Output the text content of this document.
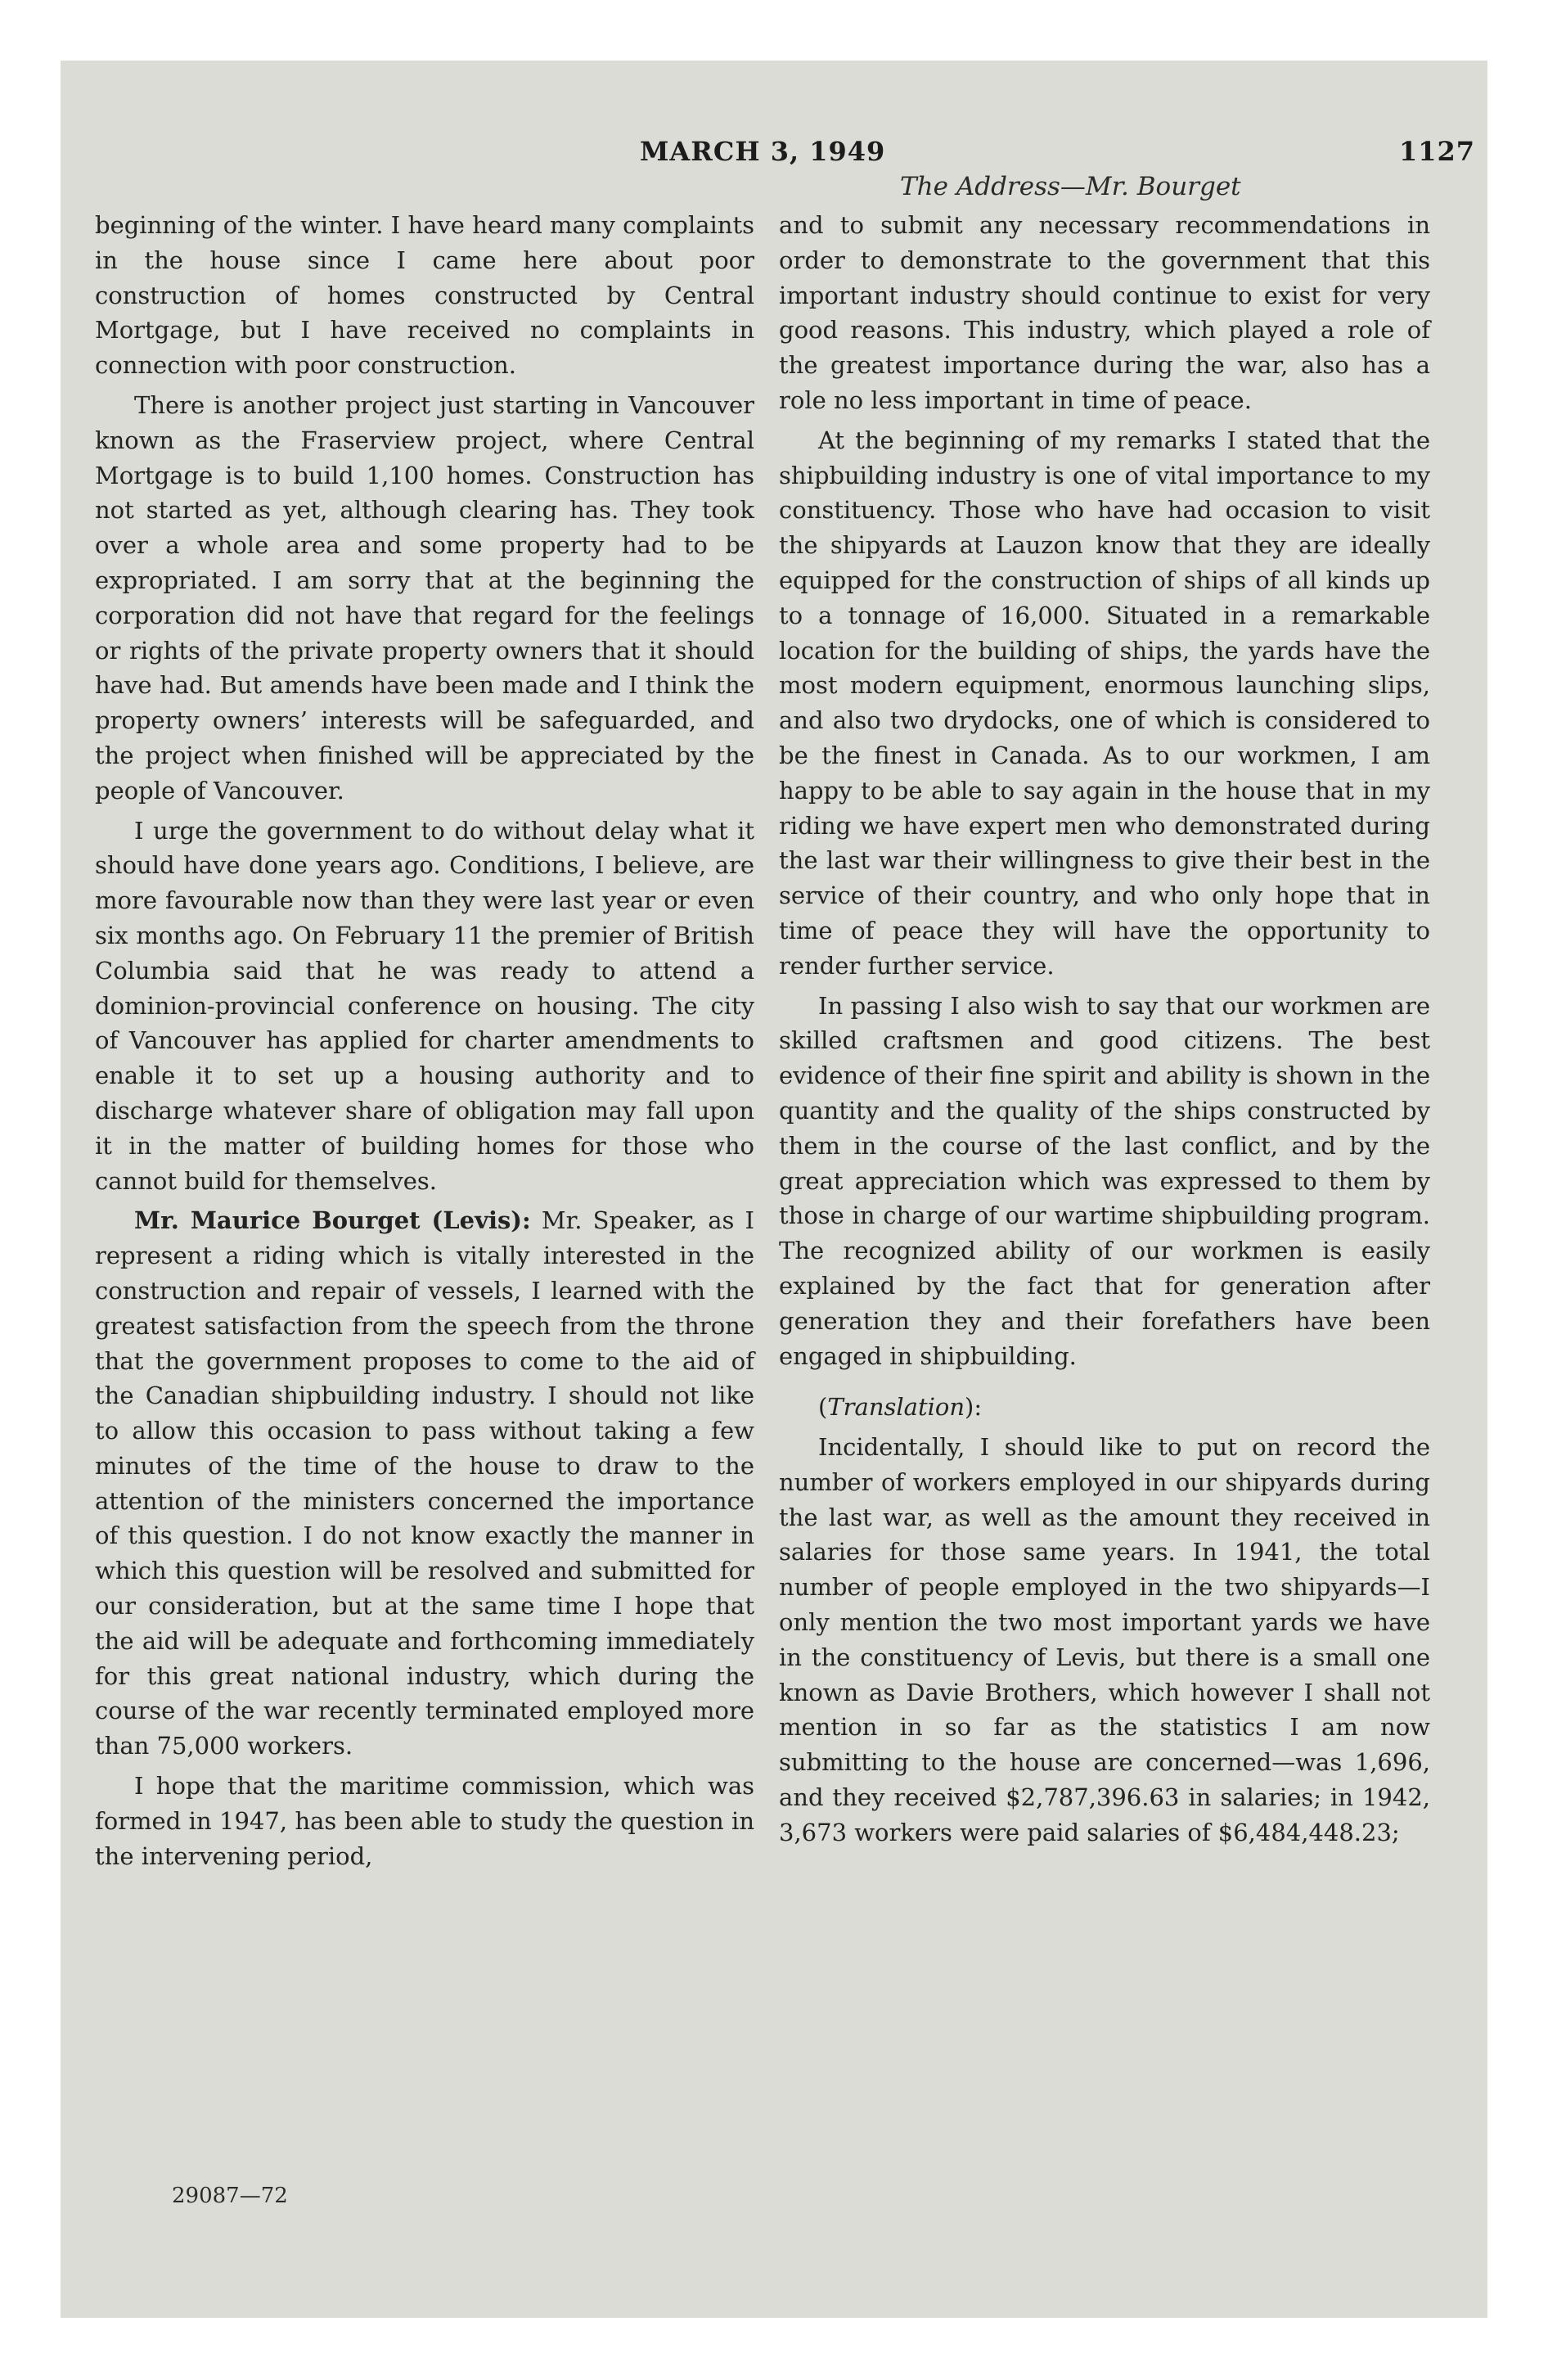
MARCH 3, 1949	1127
The Address—Mr. Bourget

beginning of the winter. I have heard many complaints in the house since I came here about poor construction of homes constructed by Central Mortgage, but I have received no complaints in connection with poor construction.

There is another project just starting in Vancouver known as the Fraserview project, where Central Mortgage is to build 1,100 homes. Construction has not started as yet, although clearing has. They took over a whole area and some property had to be expropriated. I am sorry that at the beginning the corporation did not have that regard for the feelings or rights of the private property owners that it should have had. But amends have been made and I think the property owners’ interests will be safeguarded, and the project when finished will be appreciated by the people of Vancouver.

I urge the government to do without delay what it should have done years ago. Conditions, I believe, are more favourable now than they were last year or even six months ago. On February 11 the premier of British Columbia said that he was ready to attend a dominion-provincial conference on housing. The city of Vancouver has applied for charter amendments to enable it to set up a housing authority and to discharge whatever share of obligation may fall upon it in the matter of building homes for those who cannot build for themselves.

Mr. Maurice Bourget (Levis): Mr. Speaker, as I represent a riding which is vitally interested in the construction and repair of vessels, I learned with the greatest satisfaction from the speech from the throne that the government proposes to come to the aid of the Canadian shipbuilding industry. I should not like to allow this occasion to pass without taking a few minutes of the time of the house to draw to the attention of the ministers concerned the importance of this question. I do not know exactly the manner in which this question will be resolved and submitted for our consideration, but at the same time I hope that the aid will be adequate and forthcoming immediately for this great national industry, which during the course of the war recently terminated employed more than 75,000 workers.

I hope that the maritime commission, which was formed in 1947, has been able to study the question in the intervening period,

and to submit any necessary recommendations in order to demonstrate to the government that this important industry should continue to exist for very good reasons. This industry, which played a role of the greatest importance during the war, also has a role no less important in time of peace.

At the beginning of my remarks I stated that the shipbuilding industry is one of vital importance to my constituency. Those who have had occasion to visit the shipyards at Lauzon know that they are ideally equipped for the construction of ships of all kinds up to a tonnage of 16,000. Situated in a remarkable location for the building of ships, the yards have the most modern equipment, enormous launching slips, and also two drydocks, one of which is considered to be the finest in Canada. As to our workmen, I am happy to be able to say again in the house that in my riding we have expert men who demonstrated during the last war their willingness to give their best in the service of their country, and who only hope that in time of peace they will have the opportunity to render further service.

In passing I also wish to say that our workmen are skilled craftsmen and good citizens. The best evidence of their fine spirit and ability is shown in the quantity and the quality of the ships constructed by them in the course of the last conflict, and by the great appreciation which was expressed to them by those in charge of our wartime shipbuilding program. The recognized ability of our workmen is easily explained by the fact that for generation after generation they and their forefathers have been engaged in shipbuilding.

(Translation):

Incidentally, I should like to put on record the number of workers employed in our shipyards during the last war, as well as the amount they received in salaries for those same years. In 1941, the total number of people employed in the two shipyards—I only mention the two most important yards we have in the constituency of Levis, but there is a small one known as Davie Brothers, which however I shall not mention in so far as the statistics I am now submitting to the house are concerned—was 1,696, and they received $2,787,396.63 in salaries; in 1942, 3,673 workers were paid salaries of $6,484,448.23;

29087—72
